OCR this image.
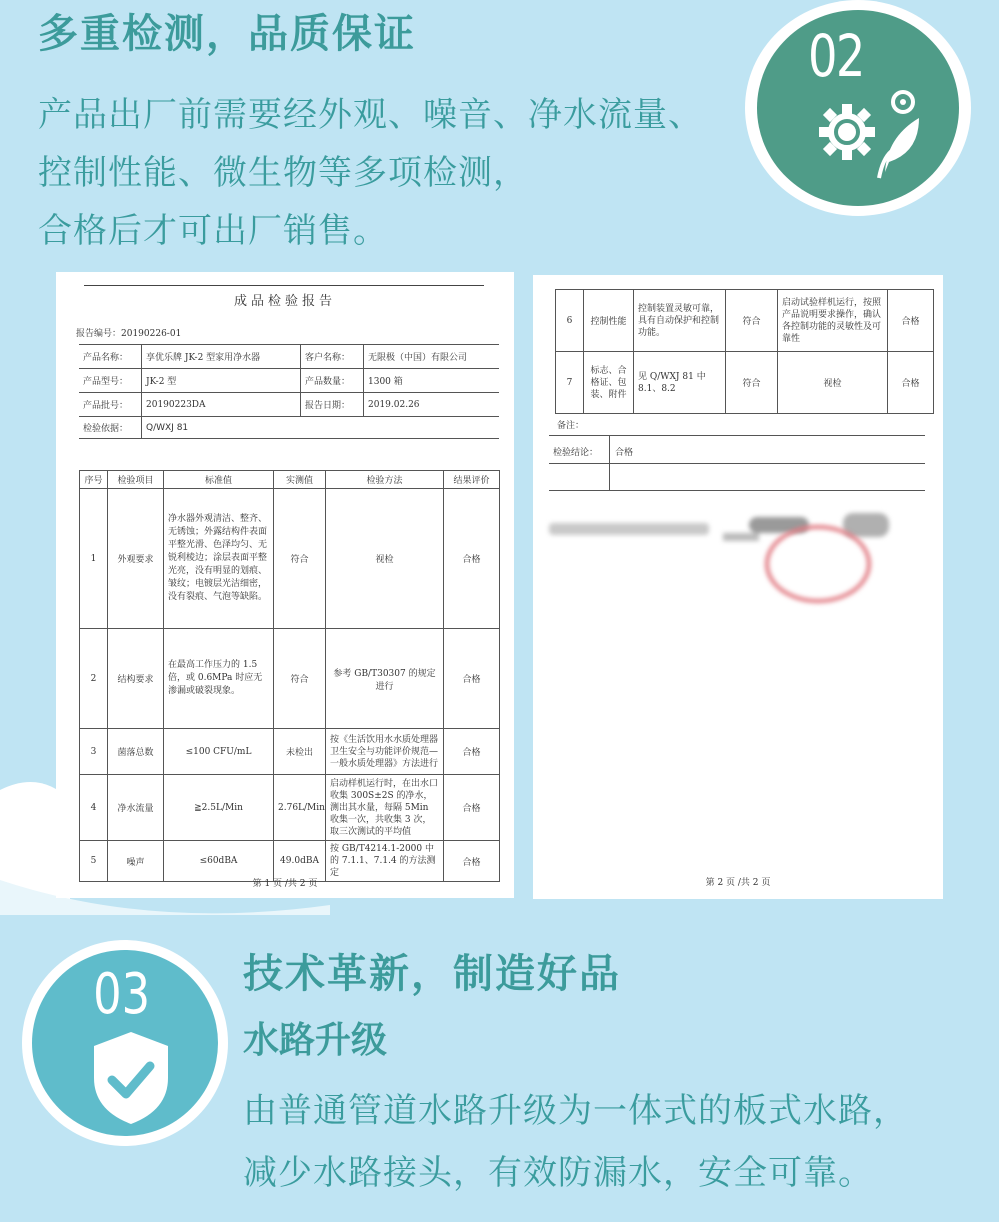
多重检测，品质保证	02
产品出厂前需要经外观、噪音、净水流量、
控制性能、微生物等多项检测，
合格后才可出厂销售。
成品检验报告
报告编号：20190226-01
产品名称：	享优乐牌 JK-2 型家用净水器	客户名称：	无限极（中国）有限公司
产品型号：	JK-2 型	产品数量：	1300 箱
产品批号：	20190223DA	报告日期：	2019.02.26
检验依据：	Q/WXJ 81		
序号	检验项目	标准值	实测值	检验方法	结果评价
1	外观要求	净水器外观清洁、整齐、无锈蚀；外露结构件表面平整光滑、色泽均匀、无锐利棱边；涂层表面平整光亮，没有明显的划痕、皱纹；电镀层光洁细密，没有裂痕、气泡等缺陷。	符合	视检	合格
2	结构要求	在最高工作压力的 1.5 倍，或 0.6MPa 时应无渗漏或破裂现象。	符合	参考 GB/T30307 的规定进行	合格
3	菌落总数	≤100 CFU/mL	未检出	按《生活饮用水水质处理器卫生安全与功能评价规范—一般水质处理器》方法进行	合格
4	净水流量	≧2.5L/Min	2.76L/Min	启动样机运行时，在出水口收集 300S±2S 的净水，测出其水量，每隔 5Min 收集一次，共收集 3 次，取三次测试的平均值	合格
5	噪声	≤60dBA	49.0dBA	按 GB/T4214.1-2000 中的 7.1.1、7.1.4 的方法测定	合格
第 1 页 /共 2 页
6	控制性能	控制装置灵敏可靠，具有自动保护和控制功能。	符合	启动试验样机运行，按照产品说明要求操作，确认各控制功能的灵敏性及可靠性	合格
7	标志、合格证、包装、附件	见 Q/WXJ 81 中 8.1、8.2	符合	视检	合格
备注：
检验结论： 合格
第 2 页 /共 2 页
03 技术革新，制造好品
水路升级
由普通管道水路升级为一体式的板式水路，
减少水路接头，有效防漏水，安全可靠。
